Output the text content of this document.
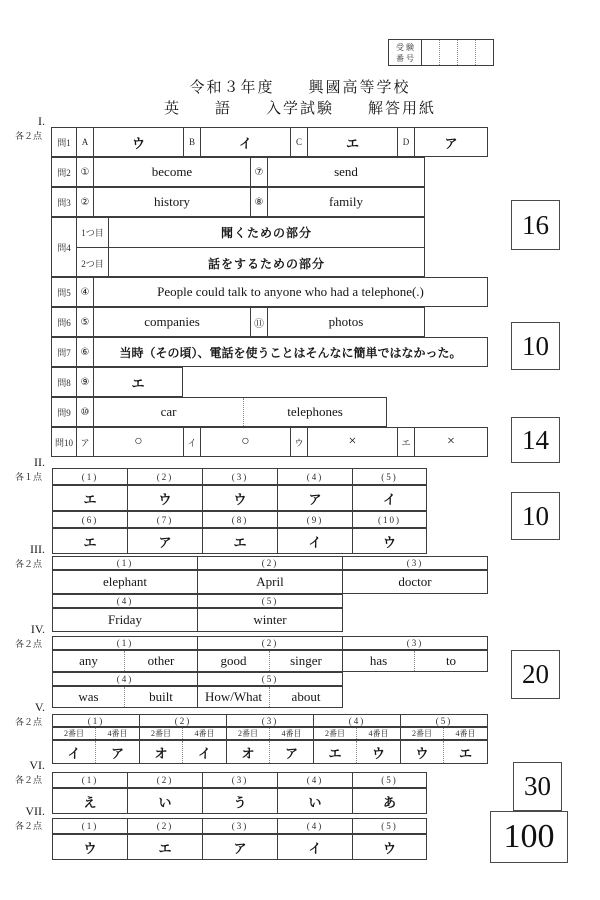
受 験
番 号
令和３年度　　興國高等学校
英　　語　　入学試験　　解答用紙
I.
各２点
II.
各１点
III.
各２点
IV.
各２点
V.
各２点
VI.
各２点
VII.
各２点
問1	A	ウ	B	イ	C	エ	D	ア
問2 ①	become	⑦	send
問3 ②	history	⑧	family
問4
1つ目	聞くための部分
2つ目	話をするための部分
問5 ④	People could talk to anyone who had a telephone(.)
問6 ⑤	companies	⑪	photos
問7 ⑥	当時（その頃）、電話を使うことはそんなに簡単ではなかった。
問8 ⑨	エ
問9 ⑩	car	telephones
問10 ア	○	イ	○	ウ	×	エ	×
(1)	(2)	(3)	(4)	(5)
エ	ウ	ウ	ア	イ
(6)	(7)	(8)	(9)	(10)
エ	ア	エ	イ	ウ
(1)	(2)	(3)
elephant	April	doctor
(4)	(5)
Friday	winter
(1)	(2)	(3)
any	other	good	singer	has	to
(4)	(5)
was	built	How/What	about
(1)	(2)	(3)	(4)	(5)
2番目	4番目	2番目	4番目	2番目	4番目	2番目	4番目	2番目	4番目
イ	ア	オ	イ	オ	ア	エ	ウ	ウ	エ
(1)	(2)	(3)	(4)	(5)
え	い	う	い	あ
(1)	(2)	(3)	(4)	(5)
ウ	エ	ア	イ	ウ
16
10
14
10
20
30
100
